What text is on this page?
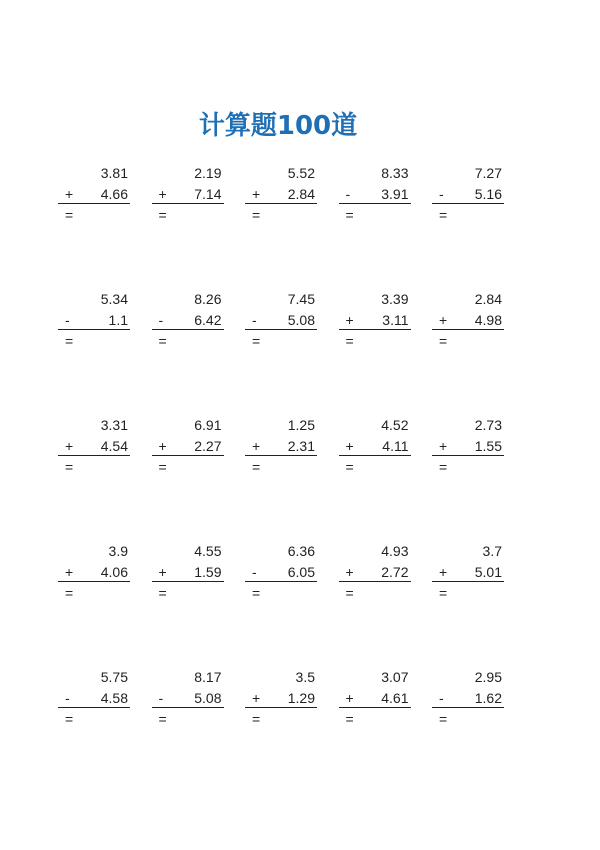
计算题100道
3.81
+ 4.66
=
2.19
+ 7.14
=
5.52
+ 2.84
=
8.33
- 3.91
=
7.27
- 5.16
=
5.34
-	1.1
=
8.26
- 6.42
=
7.45
- 5.08
=
3.39
+ 3.11
=
2.84
+ 4.98
=
3.31
+ 4.54
=
6.91
+ 2.27
=
1.25
+ 2.31
=
4.52
+ 4.11
=
2.73
+ 1.55
=
3.9
+ 4.06
=
4.55
+ 1.59
=
6.36
- 6.05
=
4.93
+ 2.72
=
3.7
+ 5.01
=
5.75
- 4.58
=
8.17
- 5.08
=
3.5
+ 1.29
=
3.07
+ 4.61
=
2.95
- 1.62
=
